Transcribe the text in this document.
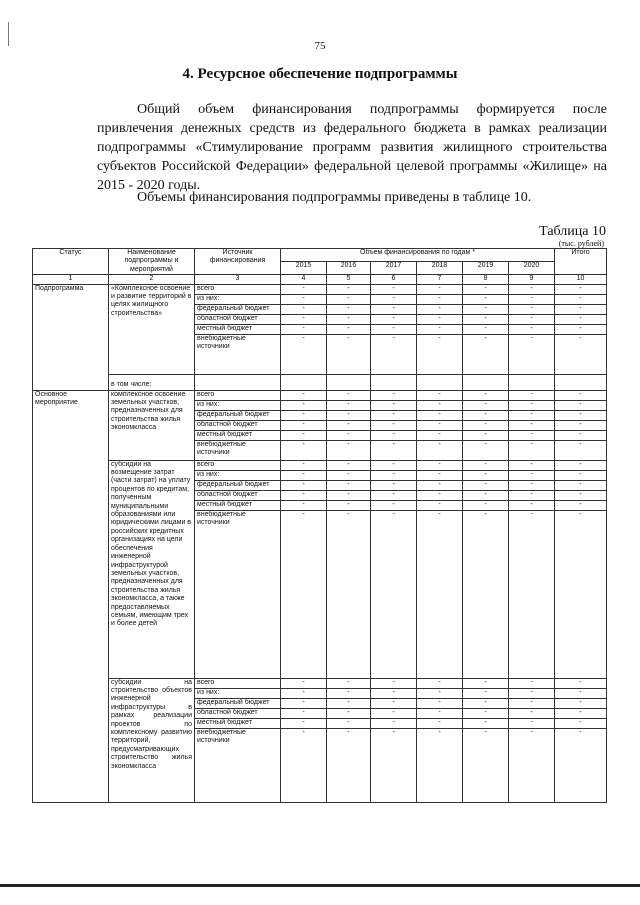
75
4. Ресурсное обеспечение подпрограммы

Общий объем финансирования подпрограммы формируется после привлечения денежных средств из федерального бюджета в рамках реализации подпрограммы «Стимулирование программ развития жилищного строительства субъектов Российской Федерации» федеральной целевой программы «Жилище» на 2015 - 2020 годы.

Объемы финансирования подпрограммы приведены в таблице 10.

Таблица 10
(тыс. рублей)
Статус	Наименование подпрограммы и мероприятий	Источник финансирования	Объем финансирования по годам *						Итого
			2015	2016	2017	2018	2019	2020	
1	2	3	4	5	6	7	8	9	10
Подпрограмма	«Комплексное освоение и развитие территорий в целях жилищного строительства»	всего	-	-	-	-	-	-	-
		из них:	-	-	-	-	-	-	-
		федеральный бюджет	-	-	-	-	-	-	-
		областной бюджет	-	-	-	-	-	-	-
		местный бюджет	-	-	-	-	-	-	-
		внебюджетные источники	-	-	-	-	-	-	-
	в том числе:								
Основное мероприятие	комплексное освоение земельных участков, предназначенных для строительства жилья экономкласса	всего	-	-	-	-	-	-	-
		из них:	-	-	-	-	-	-	-
		федеральный бюджет	-	-	-	-	-	-	-
		областной бюджет	-	-	-	-	-	-	-
		местный бюджет	-	-	-	-	-	-	-
		внебюджетные источники	-	-	-	-	-	-	-
	субсидии на возмещение затрат (части затрат) на уплату процентов по кредитам, полученным муниципальными образованиями или юридическими лицами в российских кредитных организациях на цели обеспечения инженерной инфраструктурой земельных участков, предназначенных для строительства жилья экономкласса, а также предоставляемых семьям, имеющим трех и более детей	всего	-	-	-	-	-	-	-
		из них:	-	-	-	-	-	-	-
		федеральный бюджет	-	-	-	-	-	-	-
		областной бюджет	-	-	-	-	-	-	-
		местный бюджет	-	-	-	-	-	-	-
		внебюджетные источники	-	-	-	-	-	-	-
	субсидии на строительство объектов инженерной инфраструктуры в рамках реализации проектов по комплексному развитию территорий, предусматривающих строительство жилья экономкласса	всего	-	-	-	-	-	-	-
		из них:	-	-	-	-	-	-	-
		федеральный бюджет	-	-	-	-	-	-	-
		областной бюджет	-	-	-	-	-	-	-
		местный бюджет	-	-	-	-	-	-	-
		внебюджетные источники	-	-	-	-	-	-	-
